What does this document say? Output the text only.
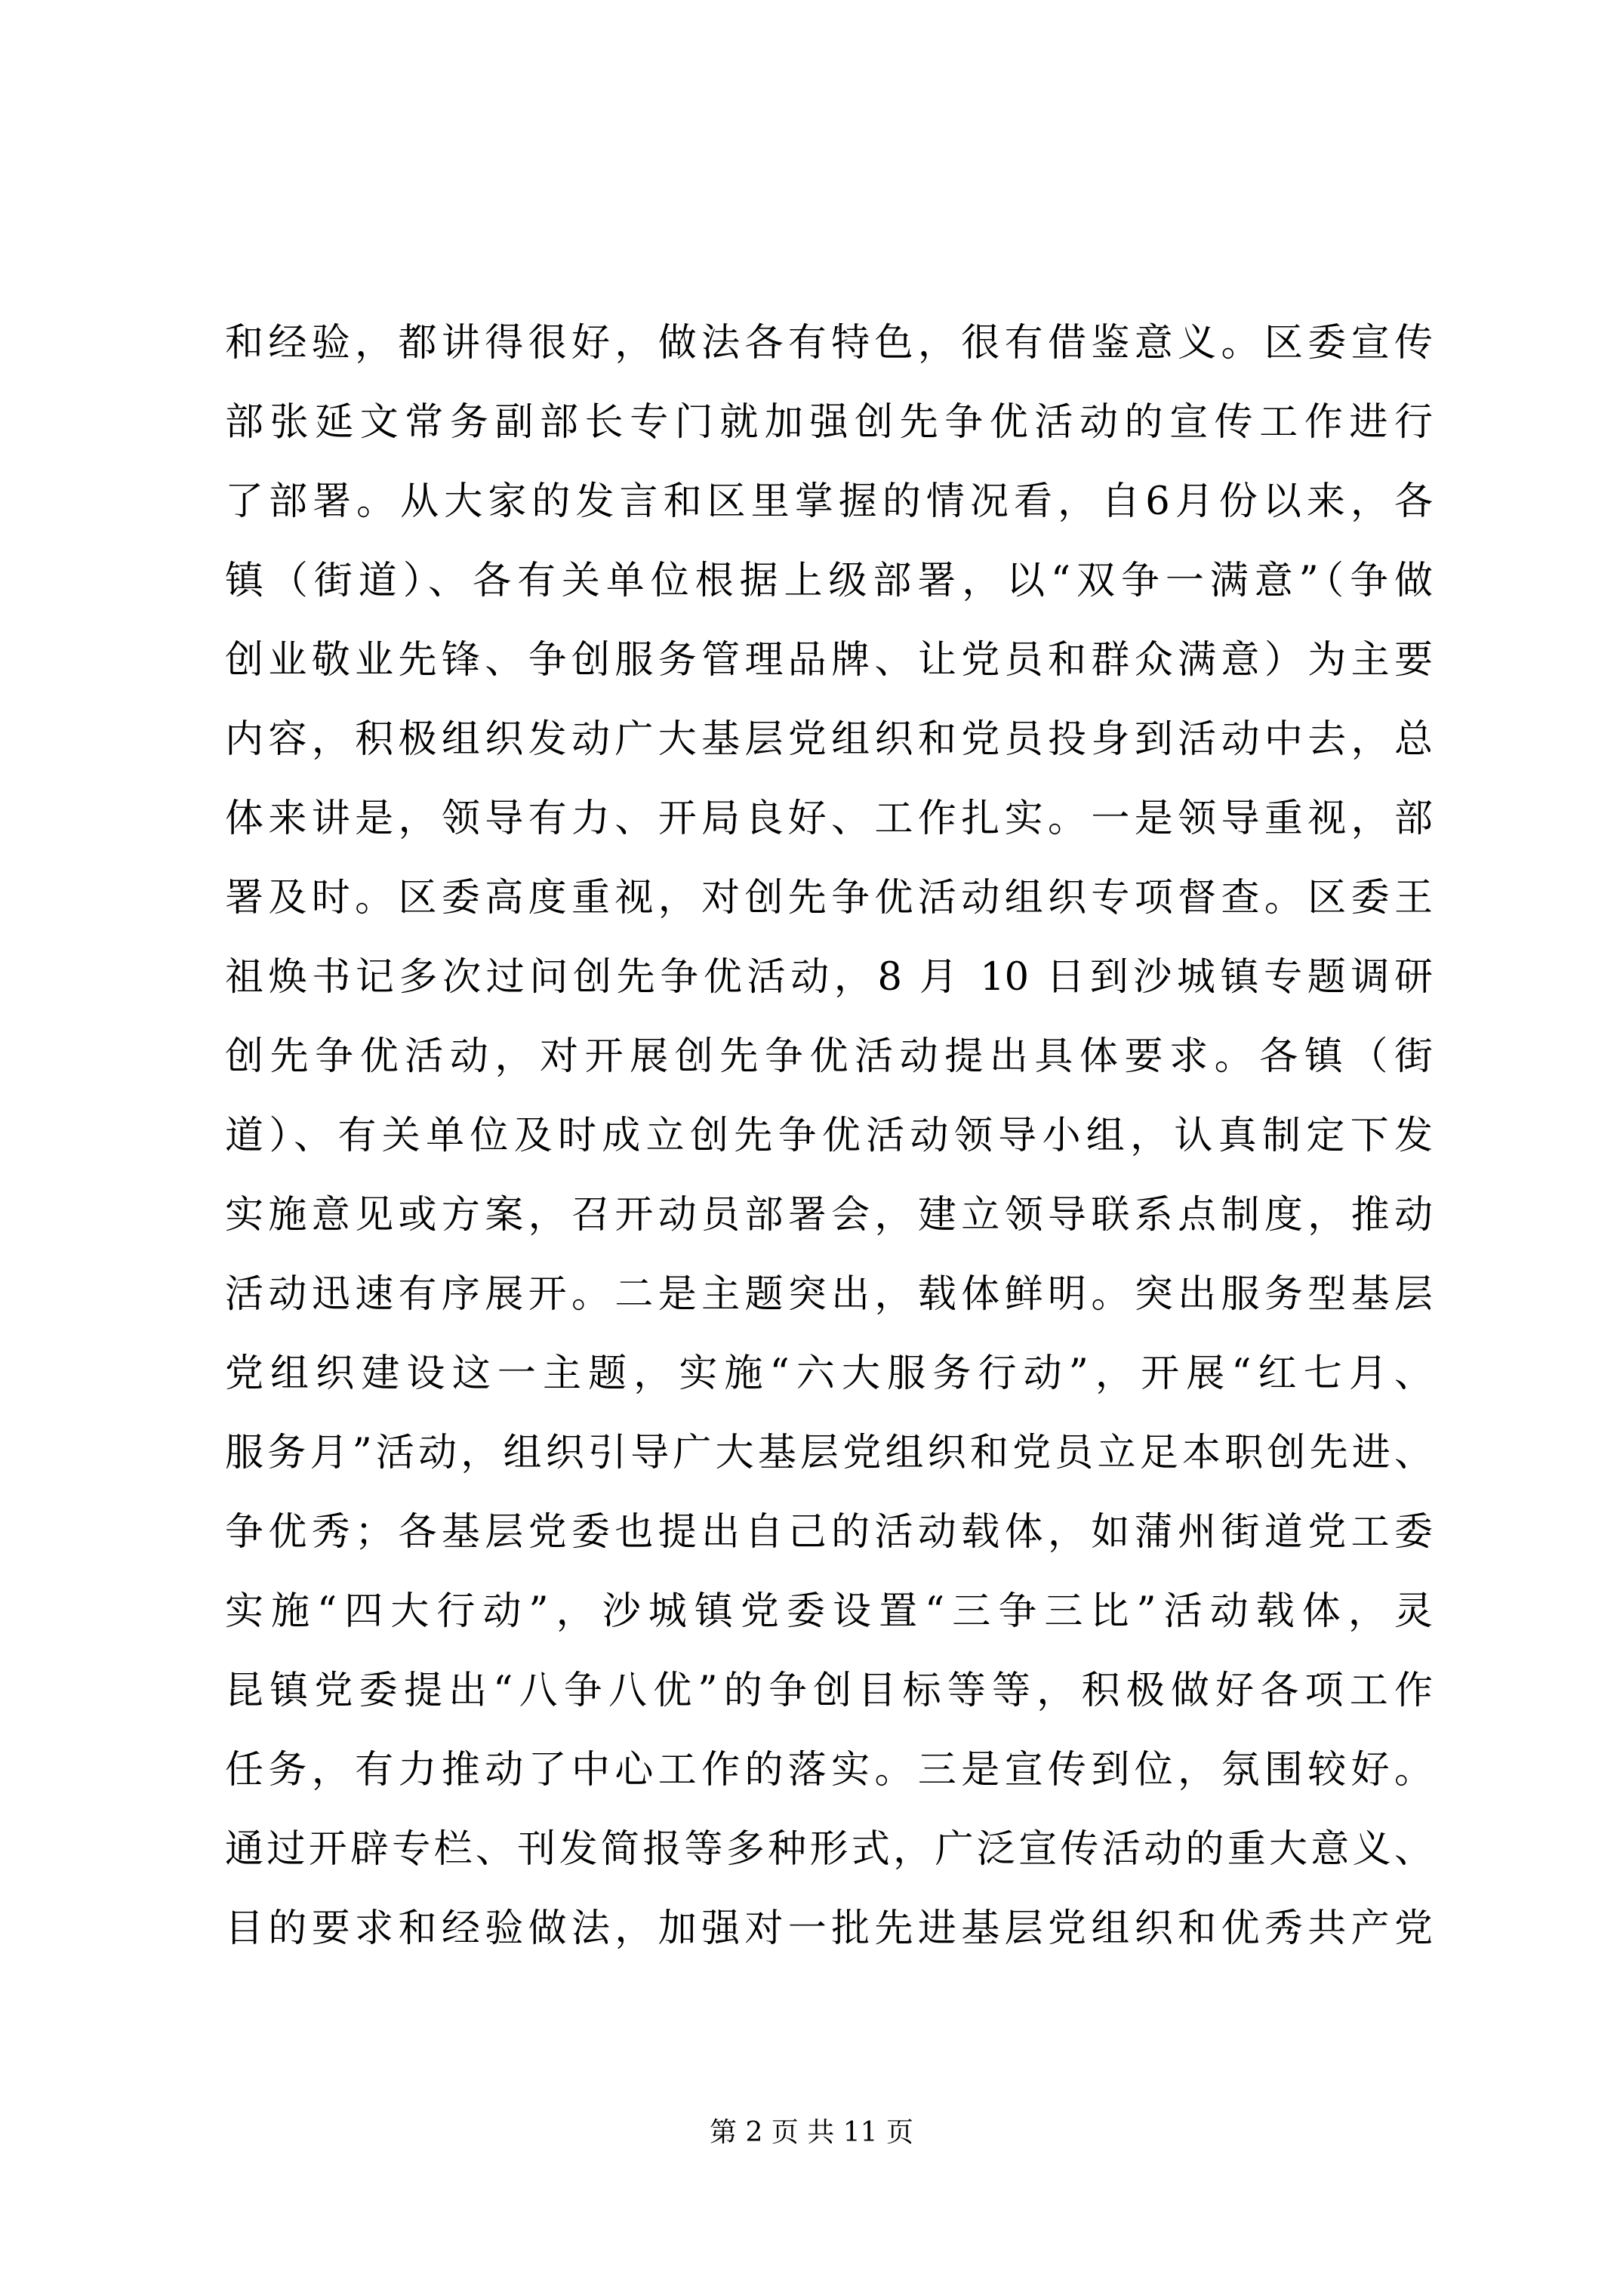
和经验，都讲得很好，做法各有特色，很有借鉴意义。区委宣传
部张延文常务副部长专门就加强创先争优活动的宣传工作进行
了部署。从大家的发言和区里掌握的情况看，自6月份以来，各
镇（街道）、各有关单位根据上级部署，以“双争一满意”（争做
创业敬业先锋、争创服务管理品牌、让党员和群众满意）为主要
内容，积极组织发动广大基层党组织和党员投身到活动中去，总
体来讲是，领导有力、开局良好、工作扎实。一是领导重视，部
署及时。区委高度重视，对创先争优活动组织专项督查。区委王
祖焕书记多次过问创先争优活动，8 月 10 日到沙城镇专题调研
创先争优活动，对开展创先争优活动提出具体要求。各镇（街
道）、有关单位及时成立创先争优活动领导小组，认真制定下发
实施意见或方案，召开动员部署会，建立领导联系点制度，推动
活动迅速有序展开。二是主题突出，载体鲜明。突出服务型基层
党组织建设这一主题，实施“六大服务行动”，开展“红七月、
服务月”活动，组织引导广大基层党组织和党员立足本职创先进、
争优秀；各基层党委也提出自己的活动载体，如蒲州街道党工委
实施“四大行动”，沙城镇党委设置“三争三比”活动载体，灵
昆镇党委提出“八争八优”的争创目标等等，积极做好各项工作
任务，有力推动了中心工作的落实。三是宣传到位，氛围较好。
通过开辟专栏、刊发简报等多种形式，广泛宣传活动的重大意义、
目的要求和经验做法，加强对一批先进基层党组织和优秀共产党
第 2 页 共 11 页
